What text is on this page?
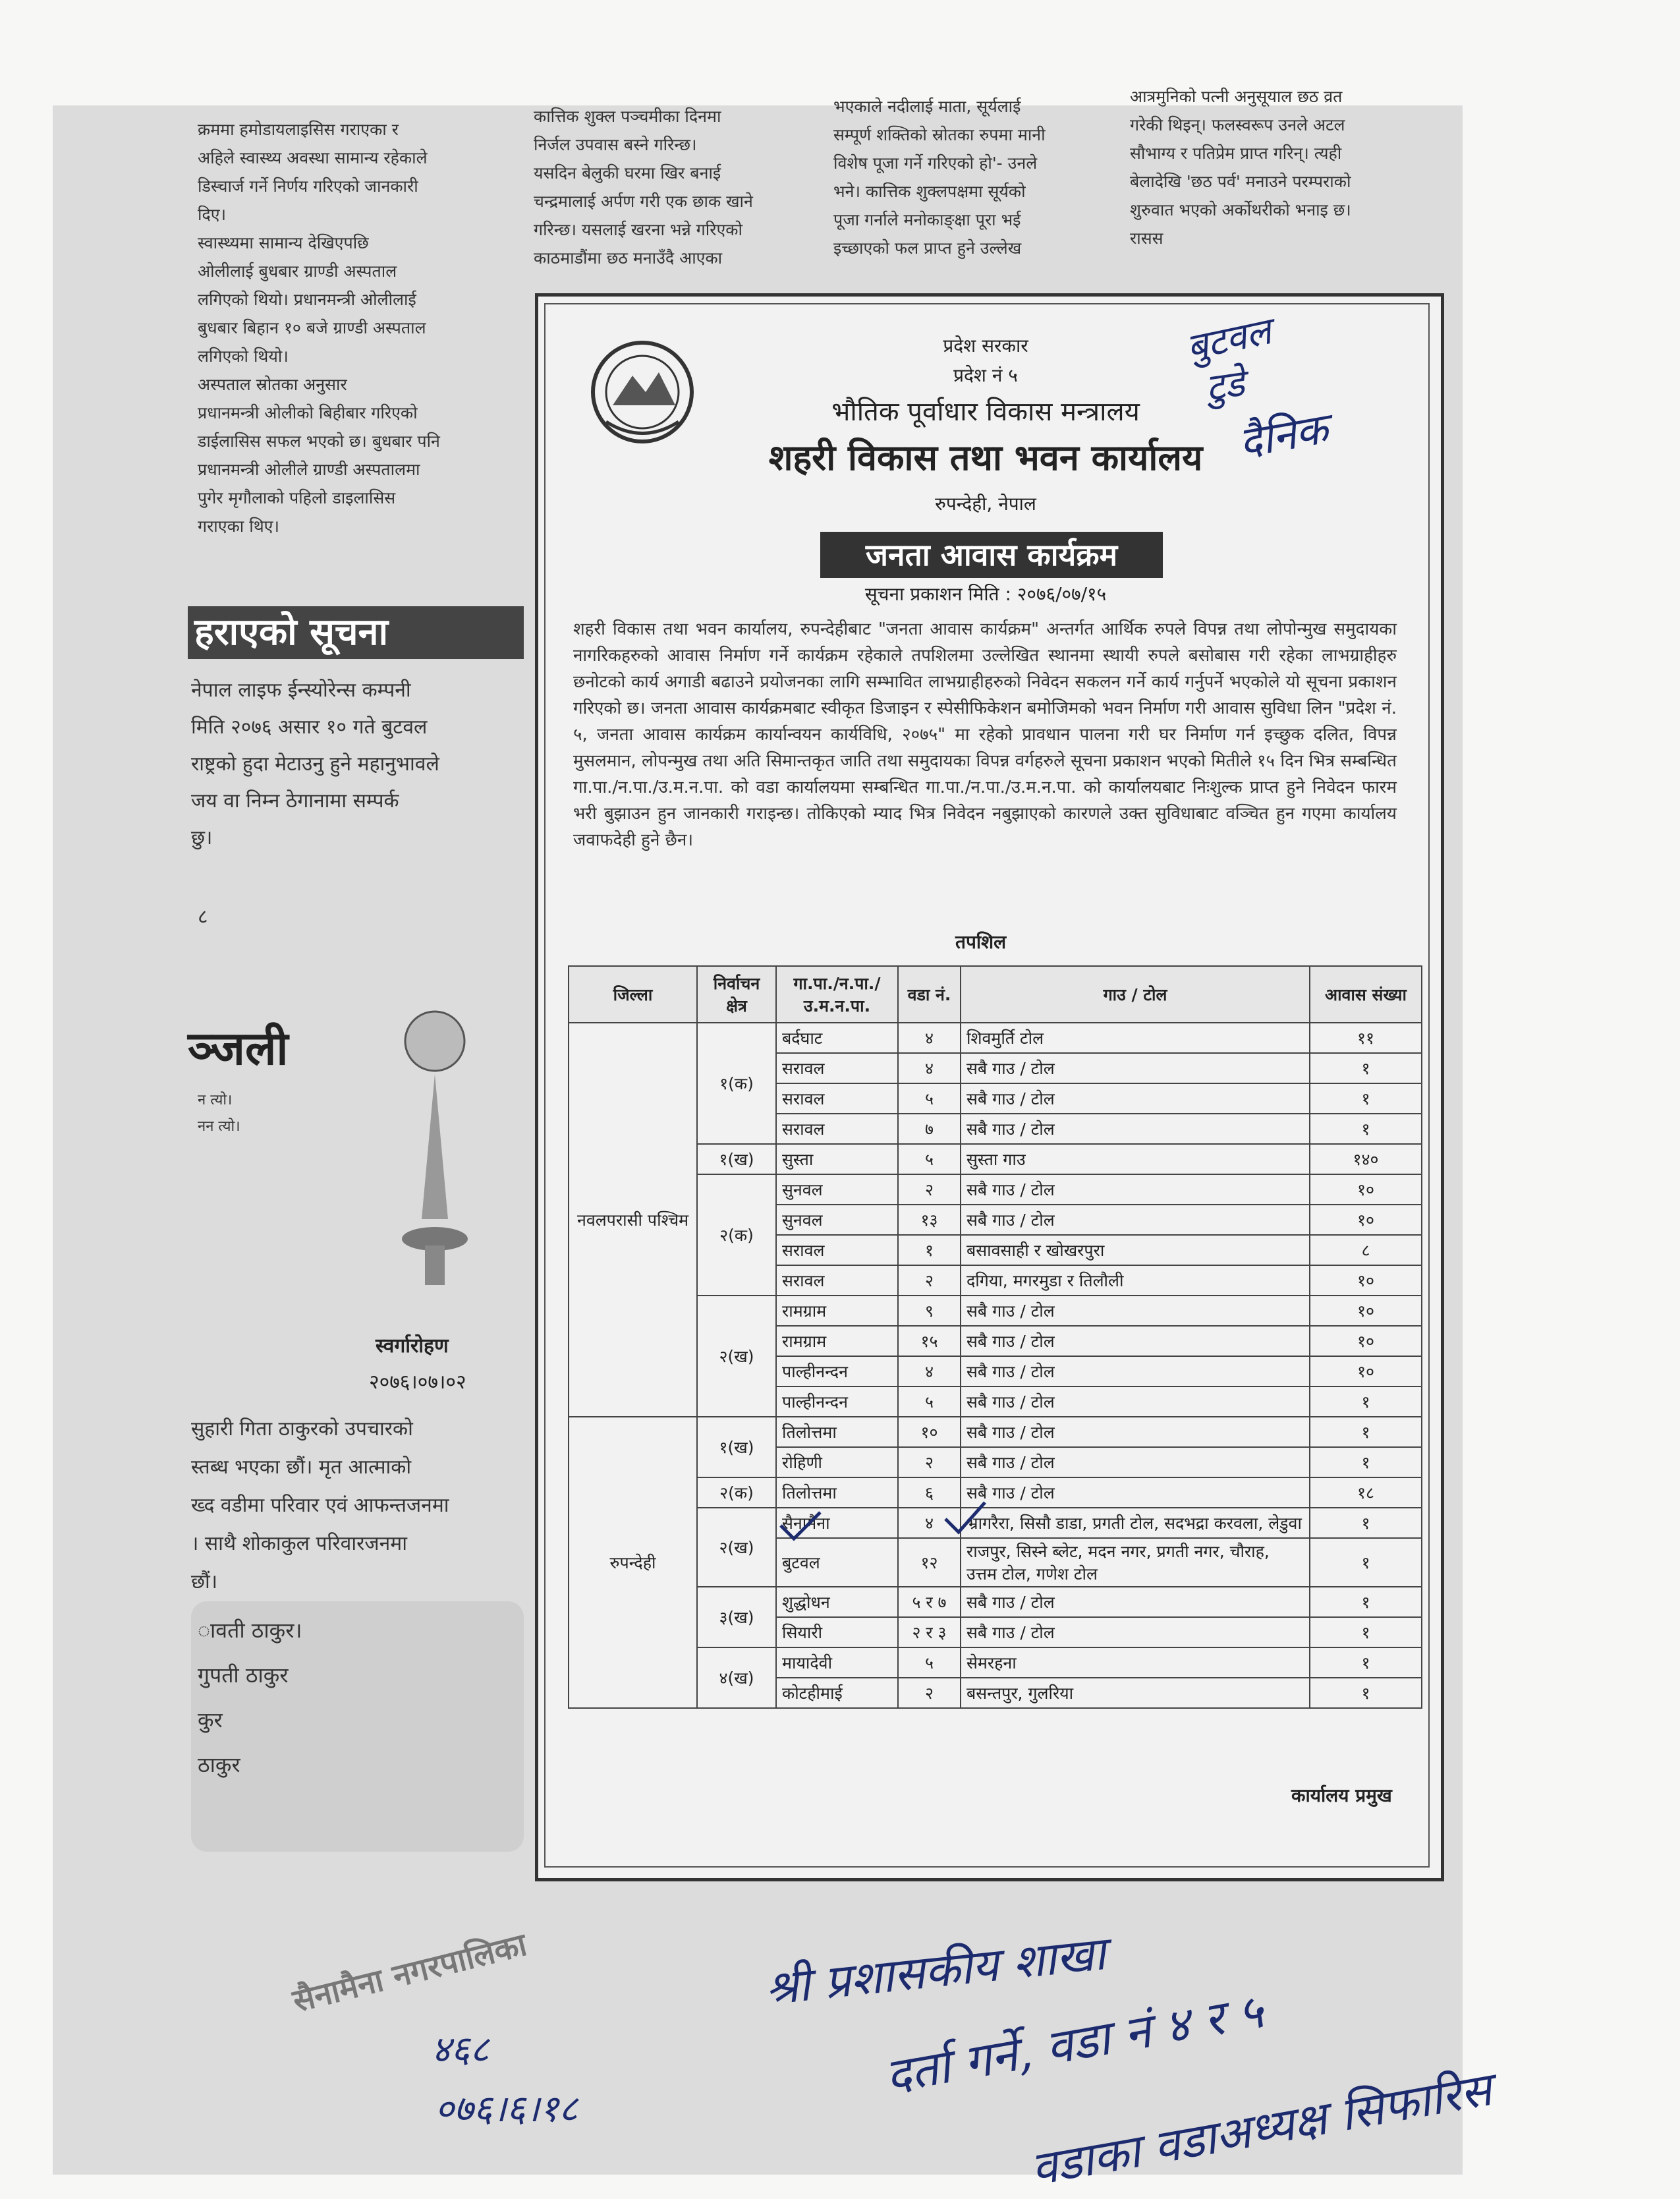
क्रममा हमोडायलाइसिस गराएका र

अहिले स्वास्थ्य अवस्था सामान्य रहेकाले

डिस्चार्ज गर्ने निर्णय गरिएको जानकारी

दिए।

स्वास्थ्यमा सामान्य देखिएपछि

ओलीलाई बुधबार ग्राण्डी अस्पताल

लगिएको थियो। प्रधानमन्त्री ओलीलाई

बुधबार बिहान १० बजे ग्राण्डी अस्पताल

लगिएको थियो।

अस्पताल स्रोतका अनुसार

प्रधानमन्त्री ओलीको बिहीबार गरिएको

डाईलासिस सफल भएको छ। बुधबार पनि

प्रधानमन्त्री ओलीले ग्राण्डी अस्पतालमा

पुगेर मृगौलाको पहिलो डाइलासिस

गराएका थिए।

कात्तिक शुक्ल पञ्चमीका दिनमा

निर्जल उपवास बस्ने गरिन्छ।

यसदिन बेलुकी घरमा खिर बनाई

चन्द्रमालाई अर्पण गरी एक छाक खाने

गरिन्छ। यसलाई खरना भन्ने गरिएको

काठमाडौंमा छठ मनाउँदै आएका

भएकाले नदीलाई माता, सूर्यलाई

सम्पूर्ण शक्तिको स्रोतका रुपमा मानी

विशेष पूजा गर्ने गरिएको हो'- उनले

भने। कात्तिक शुक्लपक्षमा सूर्यको

पूजा गर्नाले मनोकाङ्क्षा पूरा भई

इच्छाएको फल प्राप्त हुने उल्लेख

आत्रमुनिको पत्नी अनुसूयाल छठ व्रत

गरेकी थिइन्। फलस्वरूप उनले अटल

सौभाग्य र पतिप्रेम प्राप्त गरिन्। त्यही

बेलादेखि 'छठ पर्व' मनाउने परम्पराको

शुरुवात भएको अर्कोथरीको भनाइ छ।

रासस

हराएको सूचना

नेपाल लाइफ ईन्स्योरेन्स कम्पनी

मिति २०७६ असार १० गते बुटवल

राष्ट्रको हुदा मेटाउनु हुने महानुभावले

जय वा निम्न ठेगानामा सम्पर्क

छु।

८
ञ्जली

न त्यो।

नन त्यो।

स्वर्गारोहण
२०७६।०७।०२

सुहारी गिता ठाकुरको उपचारको

स्तब्ध भएका छौं। मृत आत्माको

ख्द वडीमा परिवार एवं आफन्तजनमा

। साथै शोकाकुल परिवारजनमा

छौं।

ावती ठाकुर।

गुपती ठाकुर

कुर

ठाकुर

प्रदेश सरकार
प्रदेश नं ५
भौतिक पूर्वाधार विकास मन्त्रालय
शहरी विकास तथा भवन कार्यालय
रुपन्देही, नेपाल
जनता आवास कार्यक्रम
सूचना प्रकाशन मिति : २०७६/०७/१५
शहरी विकास तथा भवन कार्यालय, रुपन्देहीबाट "जनता आवास कार्यक्रम" अन्तर्गत आर्थिक रुपले विपन्न तथा लोपोन्मुख समुदायका नागरिकहरुको आवास निर्माण गर्ने कार्यक्रम रहेकाले तपशिलमा उल्लेखित स्थानमा स्थायी रुपले बसोबास गरी रहेका लाभग्राहीहरु छनोटको कार्य अगाडी बढाउने प्रयोजनका लागि सम्भावित लाभग्राहीहरुको निवेदन सकलन गर्ने कार्य गर्नुपर्ने भएकोले यो सूचना प्रकाशन गरिएको छ। जनता आवास कार्यक्रमबाट स्वीकृत डिजाइन र स्पेसीफिकेशन बमोजिमको भवन निर्माण गरी आवास सुविधा लिन "प्रदेश नं. ५, जनता आवास कार्यक्रम कार्यान्वयन कार्यविधि, २०७५" मा रहेको प्रावधान पालना गरी घर निर्माण गर्न इच्छुक दलित, विपन्न मुसलमान, लोपन्मुख तथा अति सिमान्तकृत जाति तथा समुदायका विपन्न वर्गहरुले सूचना प्रकाशन भएको मितीले १५ दिन भित्र सम्बन्धित गा.पा./न.पा./उ.म.न.पा. को वडा कार्यालयमा सम्बन्धित गा.पा./न.पा./उ.म.न.पा. को कार्यालयबाट निःशुल्क प्राप्त हुने निवेदन फारम भरी बुझाउन हुन जानकारी गराइन्छ। तोकिएको म्याद भित्र निवेदन नबुझाएको कारणले उक्त सुविधाबाट वञ्चित हुन गएमा कार्यालय जवाफदेही हुने छैन।
तपशिल
जिल्ला	निर्वाचन क्षेत्र	गा.पा./न.पा./ उ.म.न.पा.	वडा नं.	गाउ / टोल	आवास संख्या
नवलपरासी पश्चिम	१(क)	बर्दघाट	४	शिवमुर्ति टोल	११
		सरावल	४	सबै गाउ / टोल	१
		सरावल	५	सबै गाउ / टोल	१
		सरावल	७	सबै गाउ / टोल	१
	१(ख)	सुस्ता	५	सुस्ता गाउ	१४०
	२(क)	सुनवल	२	सबै गाउ / टोल	१०
		सुनवल	१३	सबै गाउ / टोल	१०
		सरावल	१	बसावसाही र खोखरपुरा	८
		सरावल	२	दगिया, मगरमुडा र तिलौली	१०
	२(ख)	रामग्राम	९	सबै गाउ / टोल	१०
		रामग्राम	१५	सबै गाउ / टोल	१०
		पाल्हीनन्दन	४	सबै गाउ / टोल	१०
		पाल्हीनन्दन	५	सबै गाउ / टोल	१
रुपन्देही	१(ख)	तिलोत्तमा	१०	सबै गाउ / टोल	१
		रोहिणी	२	सबै गाउ / टोल	१
	२(क)	तिलोत्तमा	६	सबै गाउ / टोल	१८
	२(ख)	सैनामैना	४	भ्रागरैरा, सिसौ डाडा, प्रगती टोल, सदभद्रा करवला, लेडुवा	१
		बुटवल	१२	राजपुर, सिस्ने ब्लेट, मदन नगर, प्रगती नगर, चौराह, उत्तम टोल, गणेश टोल	१
	३(ख)	शुद्धोधन	५ र ७	सबै गाउ / टोल	१
		सियारी	२ र ३	सबै गाउ / टोल	१
	४(ख)	मायादेवी	५	सेमरहना	१
		कोटहीमाई	२	बसन्तपुर, गुलरिया	१
कार्यालय प्रमुख
बुटवल
टुडे
दैनिक
सैनामैना नगरपालिका
४६८
०७६।६।१८
श्री प्रशासकीय शाखा
दर्ता गर्ने, वडा नं ४ र ५
वडाका वडाअध्यक्ष सिफारिस
